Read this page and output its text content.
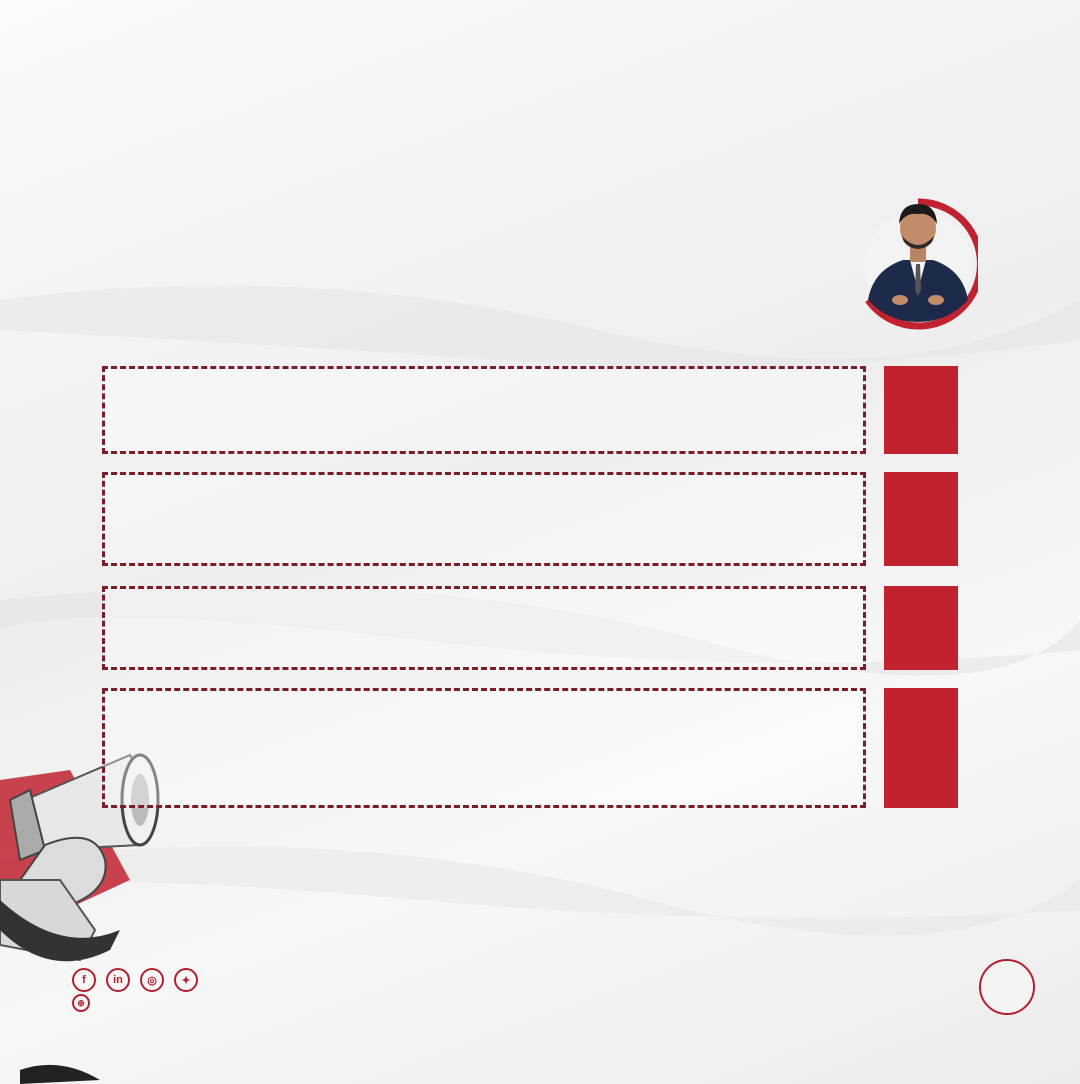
f	in	◎	✦
⊕
